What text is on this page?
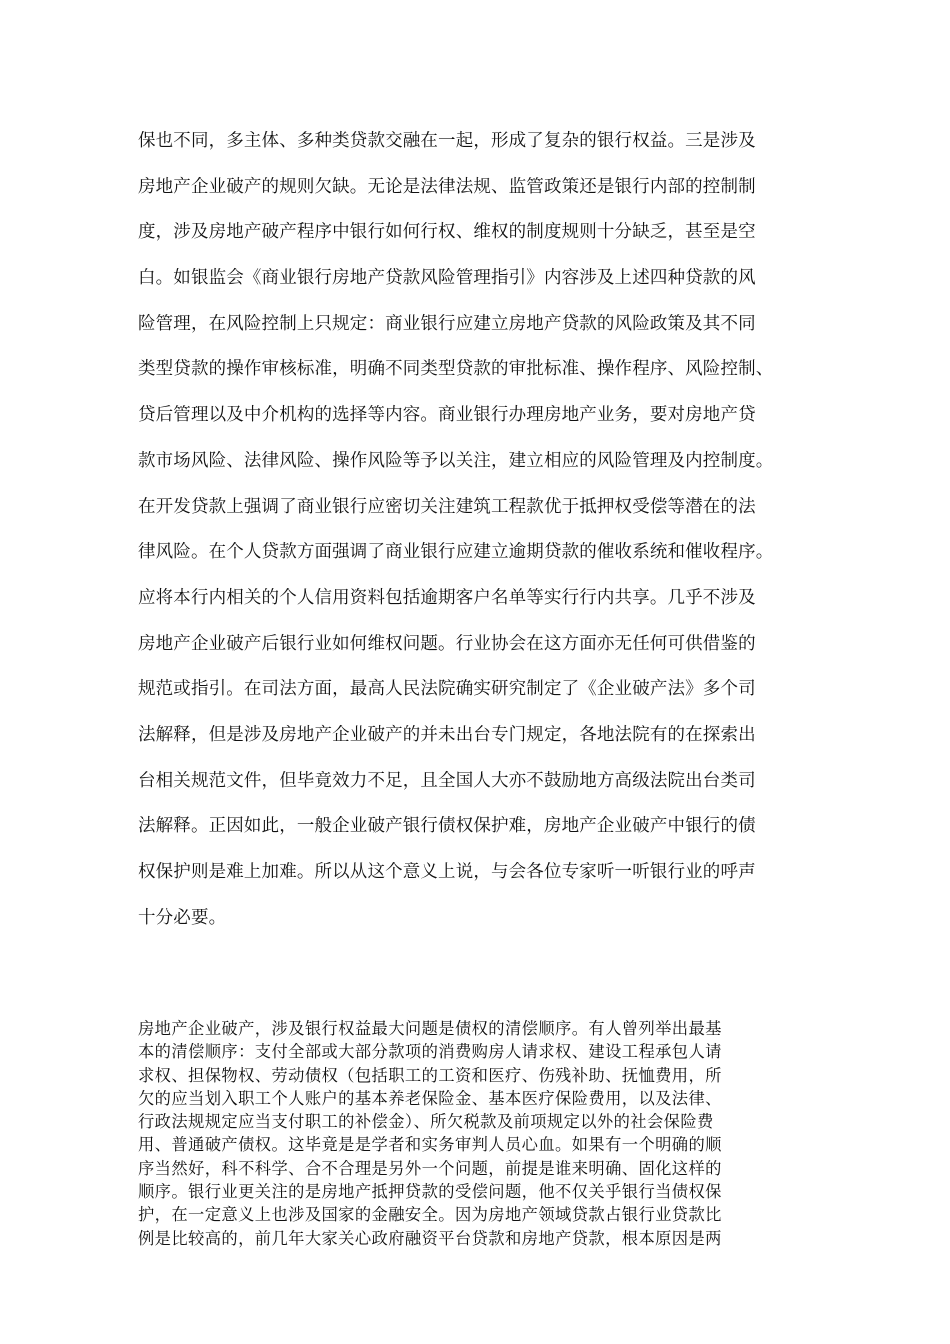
保也不同，多主体、多种类贷款交融在一起，形成了复杂的银行权益。三是涉及
房地产企业破产的规则欠缺。无论是法律法规、监管政策还是银行内部的控制制
度，涉及房地产破产程序中银行如何行权、维权的制度规则十分缺乏，甚至是空
白。如银监会《商业银行房地产贷款风险管理指引》内容涉及上述四种贷款的风
险管理，在风险控制上只规定：商业银行应建立房地产贷款的风险政策及其不同
类型贷款的操作审核标准，明确不同类型贷款的审批标准、操作程序、风险控制、
贷后管理以及中介机构的选择等内容。商业银行办理房地产业务，要对房地产贷
款市场风险、法律风险、操作风险等予以关注，建立相应的风险管理及内控制度。
在开发贷款上强调了商业银行应密切关注建筑工程款优于抵押权受偿等潜在的法
律风险。在个人贷款方面强调了商业银行应建立逾期贷款的催收系统和催收程序。
应将本行内相关的个人信用资料包括逾期客户名单等实行行内共享。几乎不涉及
房地产企业破产后银行业如何维权问题。行业协会在这方面亦无任何可供借鉴的
规范或指引。在司法方面，最高人民法院确实研究制定了《企业破产法》多个司
法解释，但是涉及房地产企业破产的并未出台专门规定，各地法院有的在探索出
台相关规范文件，但毕竟效力不足，且全国人大亦不鼓励地方高级法院出台类司
法解释。正因如此，一般企业破产银行债权保护难，房地产企业破产中银行的债
权保护则是难上加难。所以从这个意义上说，与会各位专家听一听银行业的呼声
十分必要。
房地产企业破产，涉及银行权益最大问题是债权的清偿顺序。有人曾列举出最基
本的清偿顺序：支付全部或大部分款项的消费购房人请求权、建设工程承包人请
求权、担保物权、劳动债权（包括职工的工资和医疗、伤残补助、抚恤费用，所
欠的应当划入职工个人账户的基本养老保险金、基本医疗保险费用，以及法律、
行政法规规定应当支付职工的补偿金）、所欠税款及前项规定以外的社会保险费
用、普通破产债权。这毕竟是是学者和实务审判人员心血。如果有一个明确的顺
序当然好，科不科学、合不合理是另外一个问题，前提是谁来明确、固化这样的
顺序。银行业更关注的是房地产抵押贷款的受偿问题，他不仅关乎银行当债权保
护，在一定意义上也涉及国家的金融安全。因为房地产领域贷款占银行业贷款比
例是比较高的，前几年大家关心政府融资平台贷款和房地产贷款，根本原因是两
